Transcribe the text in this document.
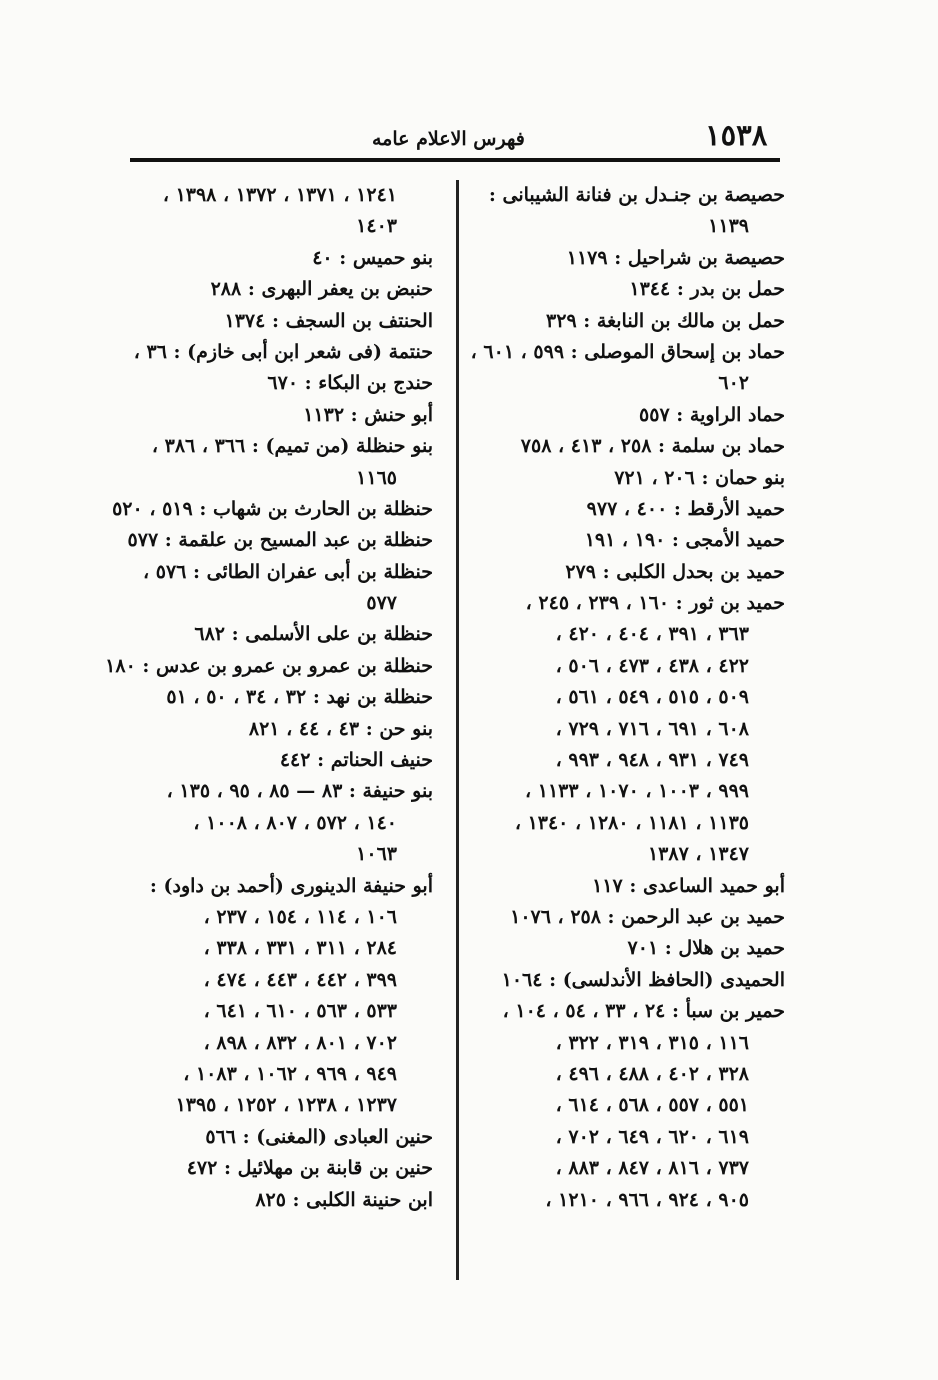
١٥٣٨
فهرس الاعلام عامه
حصيصة بن جنـدل بن فنانة الشيبانى :
١١٣٩
حصيصة بن شراحيل : ١١٧٩
حمل بن بدر : ١٣٤٤
حمل بن مالك بن النابغة : ٣٢٩
حماد بن إسحاق الموصلى : ٥٩٩ ، ٦٠١ ،
٦٠٢
حماد الراوية : ٥٥٧
حماد بن سلمة : ٢٥٨ ، ٤١٣ ، ٧٥٨
بنو حمان : ٢٠٦ ، ٧٢١
حميد الأرقط : ٤٠٠ ، ٩٧٧
حميد الأمجى : ١٩٠ ، ١٩١
حميد بن بحدل الكلبى : ٢٧٩
حميد بن ثور : ١٦٠ ، ٢٣٩ ، ٢٤٥ ،
٣٦٣ ، ٣٩١ ، ٤٠٤ ، ٤٢٠ ،
٤٢٢ ، ٤٣٨ ، ٤٧٣ ، ٥٠٦ ،
٥٠٩ ، ٥١٥ ، ٥٤٩ ، ٥٦١ ،
٦٠٨ ، ٦٩١ ، ٧١٦ ، ٧٢٩ ،
٧٤٩ ، ٩٣١ ، ٩٤٨ ، ٩٩٣ ،
٩٩٩ ، ١٠٠٣ ، ١٠٧٠ ، ١١٣٣ ،
١١٣٥ ، ١١٨١ ، ١٢٨٠ ، ١٣٤٠ ،
١٣٤٧ ، ١٣٨٧
أبو حميد الساعدى : ١١٧
حميد بن عبد الرحمن : ٢٥٨ ، ١٠٧٦
حميد بن هلال : ٧٠١
الحميدى (الحافظ الأندلسى) : ١٠٦٤
حمير بن سبأ : ٢٤ ، ٣٣ ، ٥٤ ، ١٠٤ ،
١١٦ ، ٣١٥ ، ٣١٩ ، ٣٢٢ ،
٣٢٨ ، ٤٠٢ ، ٤٨٨ ، ٤٩٦ ،
٥٥١ ، ٥٥٧ ، ٥٦٨ ، ٦١٤ ،
٦١٩ ، ٦٢٠ ، ٦٤٩ ، ٧٠٢ ،
٧٣٧ ، ٨١٦ ، ٨٤٧ ، ٨٨٣ ،
٩٠٥ ، ٩٢٤ ، ٩٦٦ ، ١٢١٠ ،
١٢٤١ ، ١٣٧١ ، ١٣٧٢ ، ١٣٩٨ ،
١٤٠٣
بنو حميس : ٤٠
حنبض بن يعفر البهرى : ٢٨٨
الحنتف بن السجف : ١٣٧٤
حنتمة (فى شعر ابن أبى خازم) : ٣٦ ،
حندج بن البكاء : ٦٧٠
أبو حنش : ١١٣٢
بنو حنظلة (من تميم) : ٣٦٦ ، ٣٨٦ ،
١١٦٥
حنظلة بن الحارث بن شهاب : ٥١٩ ، ٥٢٠
حنظلة بن عبد المسيح بن علقمة : ٥٧٧
حنظلة بن أبى عفران الطائى : ٥٧٦ ،
٥٧٧
حنظلة بن على الأسلمى : ٦٨٢
حنظلة بن عمرو بن عمرو بن عدس : ١٨٠
حنظلة بن نهد : ٣٢ ، ٣٤ ، ٥٠ ، ٥١
بنو حن : ٤٣ ، ٤٤ ، ٨٢١
حنيف الحناتم : ٤٤٢
بنو حنيفة : ٨٣ — ٨٥ ، ٩٥ ، ١٣٥ ،
١٤٠ ، ٥٧٢ ، ٨٠٧ ، ١٠٠٨ ،
١٠٦٣
أبو حنيفة الدينورى (أحمد بن داود) :
١٠٦ ، ١١٤ ، ١٥٤ ، ٢٣٧ ،
٢٨٤ ، ٣١١ ، ٣٣١ ، ٣٣٨ ،
٣٩٩ ، ٤٤٢ ، ٤٤٣ ، ٤٧٤ ،
٥٣٣ ، ٥٦٣ ، ٦١٠ ، ٦٤١ ،
٧٠٢ ، ٨٠١ ، ٨٣٢ ، ٨٩٨ ،
٩٤٩ ، ٩٦٩ ، ١٠٦٢ ، ١٠٨٣ ،
١٢٣٧ ، ١٢٣٨ ، ١٢٥٢ ، ١٣٩٥
حنين العبادى (المغنى) : ٥٦٦
حنين بن قابنة بن مهلائيل : ٤٧٢
ابن حنينة الكلبى : ٨٢٥
